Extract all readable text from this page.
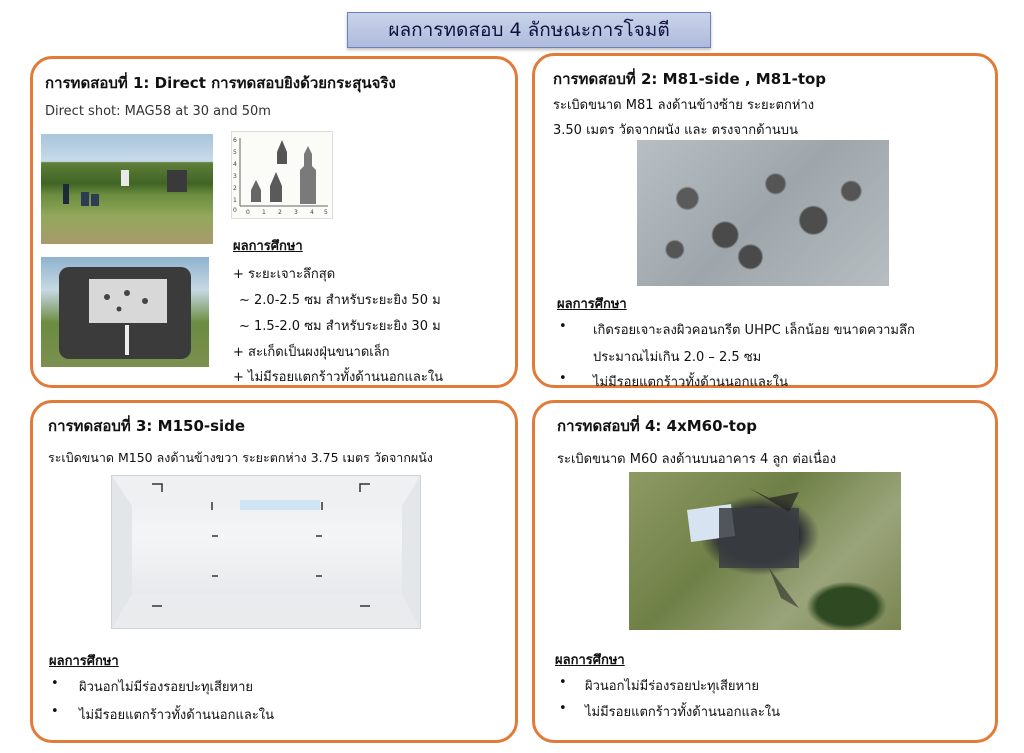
ผลการทดสอบ 4 ลักษณะการโจมตี
การทดสอบที่ 1: Direct การทดสอบยิงด้วยกระสุนจริง
Direct shot: MAG58 at 30 and 50m
6
5
4
3
2
1
0 0 1 2 3 4 5
ผลการศึกษา
+ ระยะเจาะลึกสุด
~ 2.0-2.5 ซม สำหรับระยะยิง 50 ม
~ 1.5-2.0 ซม สำหรับระยะยิง 30 ม
+ สะเก็ดเป็นผงฝุ่นขนาดเล็ก
+ ไม่มีรอยแตกร้าวทั้งด้านนอกและใน
การทดสอบที่ 2: M81-side , M81-top
ระเบิดขนาด M81 ลงด้านข้างซ้าย ระยะตกห่าง
3.50 เมตร วัดจากผนัง และ ตรงจากด้านบน
ผลการศึกษา
• เกิดรอยเจาะลงผิวคอนกรีต UHPC เล็กน้อย ขนาดความลึก
ประมาณไม่เกิน 2.0 – 2.5 ซม
• ไม่มีรอยแตกร้าวทั้งด้านนอกและใน
การทดสอบที่ 3: M150-side
ระเบิดขนาด M150 ลงด้านข้างขวา ระยะตกห่าง 3.75 เมตร วัดจากผนัง
ผลการศึกษา
• ผิวนอกไม่มีร่องรอยปะทุเสียหาย
• ไม่มีรอยแตกร้าวทั้งด้านนอกและใน
การทดสอบที่ 4: 4xM60-top
ระเบิดขนาด M60 ลงด้านบนอาคาร 4 ลูก ต่อเนื่อง
ผลการศึกษา
• ผิวนอกไม่มีร่องรอยปะทุเสียหาย
• ไม่มีรอยแตกร้าวทั้งด้านนอกและใน
